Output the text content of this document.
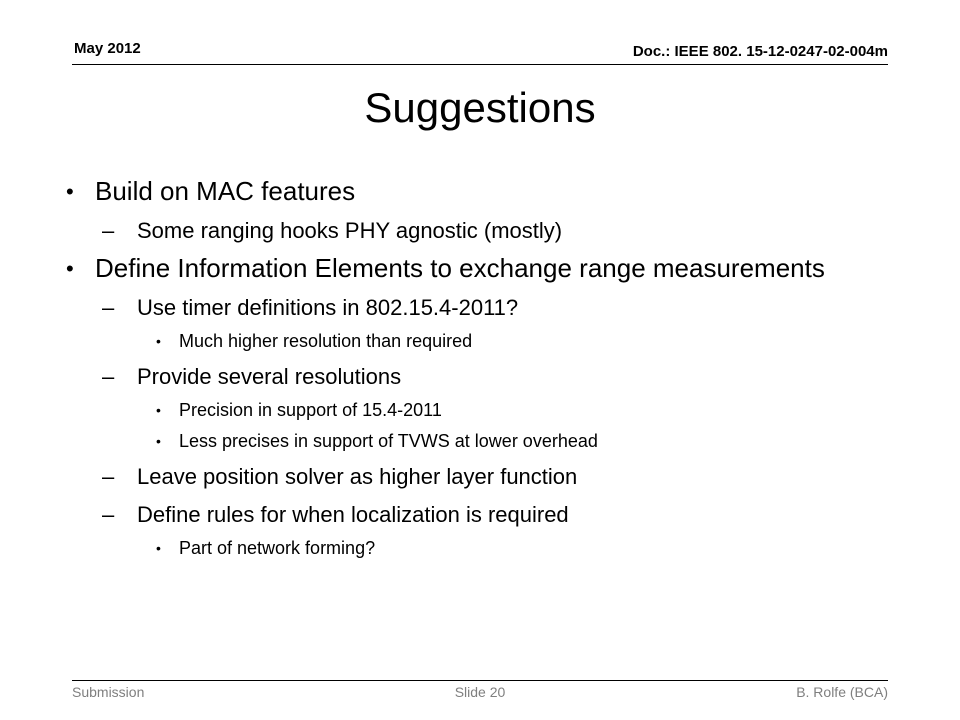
May 2012	Doc.: IEEE 802. 15-12-0247-02-004m
Suggestions
• Build on MAC features
– Some ranging hooks PHY agnostic (mostly)
• Define Information Elements to exchange range measurements
– Use timer definitions in 802.15.4-2011?
• Much higher resolution than required
– Provide several resolutions
• Precision in support of 15.4-2011
• Less precises in support of TVWS at lower overhead
– Leave position solver as higher layer function
– Define rules for when localization is required
• Part of network forming?
Submission	Slide 20	B. Rolfe (BCA)
